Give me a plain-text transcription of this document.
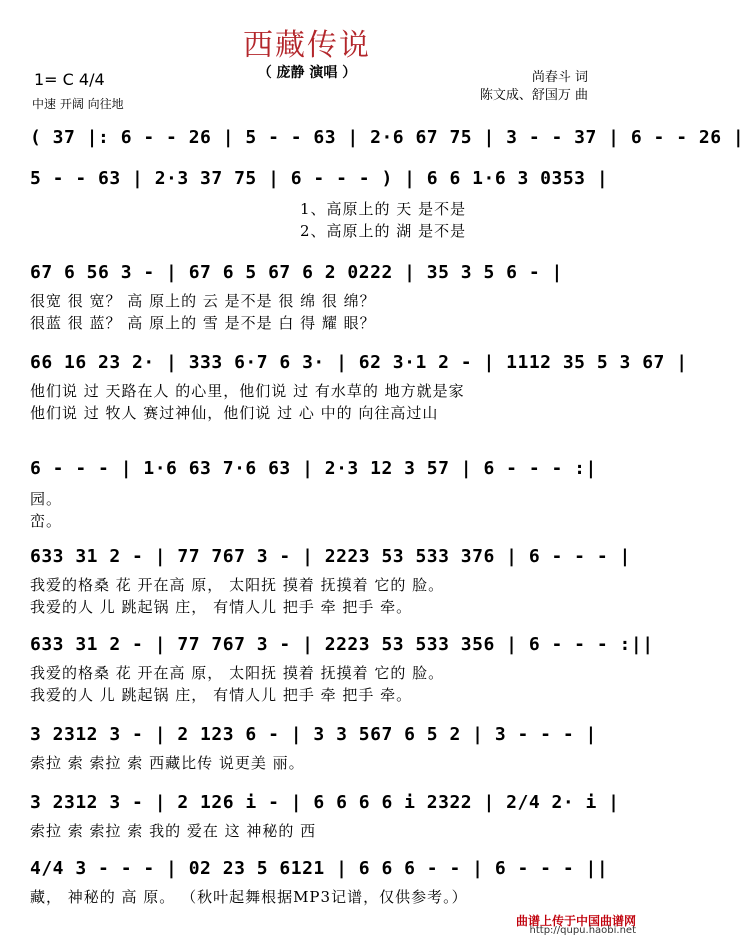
西藏传说
（ 庞静 演唱 ）	尚春斗 词
陈文成、舒国万 曲
1= C 4/4
中速 开阔 向往地
( 37 |: 6 - - 26 | 5 - - 63 | 2·6 67 75 | 3 - - 37 | 6 - - 26 |
5 - - 63 | 2·3 37 75 | 6 - - - ) | 6 6 1·6 3 0353 |
1、高原上的 天 是不是
2、高原上的 湖 是不是
67 6 56 3 - | 67 6 5 67 6 2 0222 | 35 3 5 6 - |
很宽 很 宽？ 高 原上的 云 是不是 很 绵 很 绵？
很蓝 很 蓝？ 高 原上的 雪 是不是 白 得 耀 眼？
66 16 23 2· | 333 6·7 6 3· | 62 3·1 2 - | 1112 35 5 3 67 |
他们说 过 天路在人 的心里，他们说 过 有水草的 地方就是家
他们说 过 牧人 赛过神仙，他们说 过 心 中的 向往高过山
6 - - - | 1·6 63 7·6 63 | 2·3 12 3 57 | 6 - - - :|
园。
峦。
633 31 2 - | 77 767 3 - | 2223 53 533 376 | 6 - - - |
我爱的格桑 花 开在高 原， 太阳抚 摸着 抚摸着 它的 脸。
我爱的人 儿 跳起锅 庄， 有情人儿 把手 牵 把手 牵。
633 31 2 - | 77 767 3 - | 2223 53 533 356 | 6 - - - :||
我爱的格桑 花 开在高 原， 太阳抚 摸着 抚摸着 它的 脸。
我爱的人 儿 跳起锅 庄， 有情人儿 把手 牵 把手 牵。
3 2312 3 - | 2 123 6 - | 3 3 567 6 5 2 | 3 - - - |
索拉 索 索拉 索 西藏比传 说更美 丽。
3 2312 3 - | 2 126 i - | 6 6 6 6 i 2322 | 2/4 2· i |
索拉 索 索拉 索 我的 爱在 这 神秘的 西
4/4 3 - - - | 02 23 5 6121 | 6 6 6 - - | 6 - - - ||
藏， 神秘的 高 原。 （秋叶起舞根据MP3记谱，仅供参考。）
曲谱上传于中国曲谱网
http://qupu.haobi.net
